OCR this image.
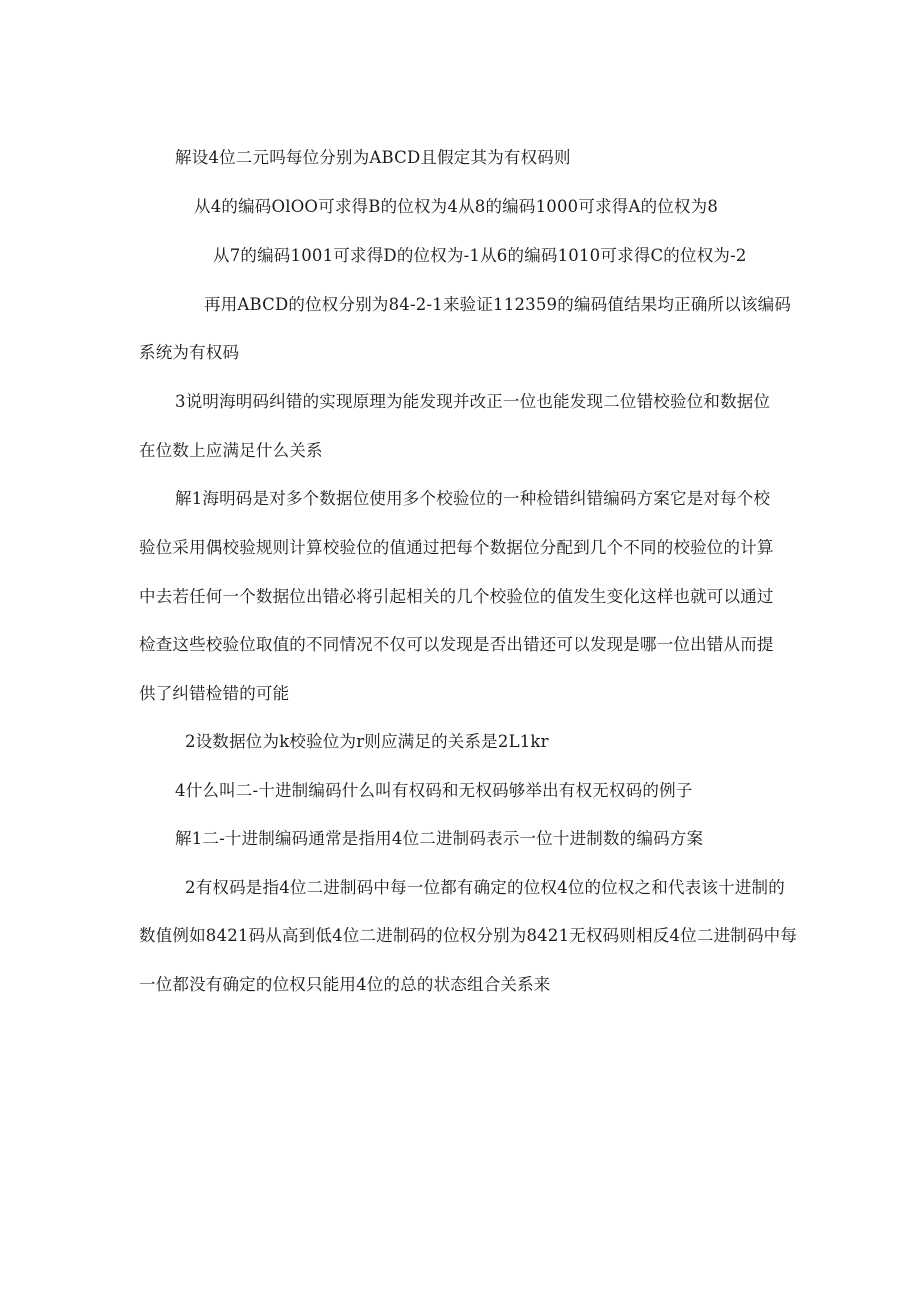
解设4位二元吗每位分别为ABCD且假定其为有权码则
从4的编码OlOO可求得B的位权为4从8的编码1000可求得A的位权为8
从7的编码1001可求得D的位权为-1从6的编码1010可求得C的位权为-2
再用ABCD的位权分别为84-2-1来验证112359的编码值结果均正确所以该编码
系统为有权码
3说明海明码纠错的实现原理为能发现并改正一位也能发现二位错校验位和数据位
在位数上应满足什么关系
解1海明码是对多个数据位使用多个校验位的一种检错纠错编码方案它是对每个校
验位采用偶校验规则计算校验位的值通过把每个数据位分配到几个不同的校验位的计算
中去若任何一个数据位出错必将引起相关的几个校验位的值发生变化这样也就可以通过
检查这些校验位取值的不同情况不仅可以发现是否出错还可以发现是哪一位出错从而提
供了纠错检错的可能
2设数据位为k校验位为r则应满足的关系是2L1kr
4什么叫二-十进制编码什么叫有权码和无权码够举出有权无权码的例子
解1二-十进制编码通常是指用4位二进制码表示一位十进制数的编码方案
2有权码是指4位二进制码中每一位都有确定的位权4位的位权之和代表该十进制的
数值例如8421码从高到低4位二进制码的位权分别为8421无权码则相反4位二进制码中每
一位都没有确定的位权只能用4位的总的状态组合关系来
